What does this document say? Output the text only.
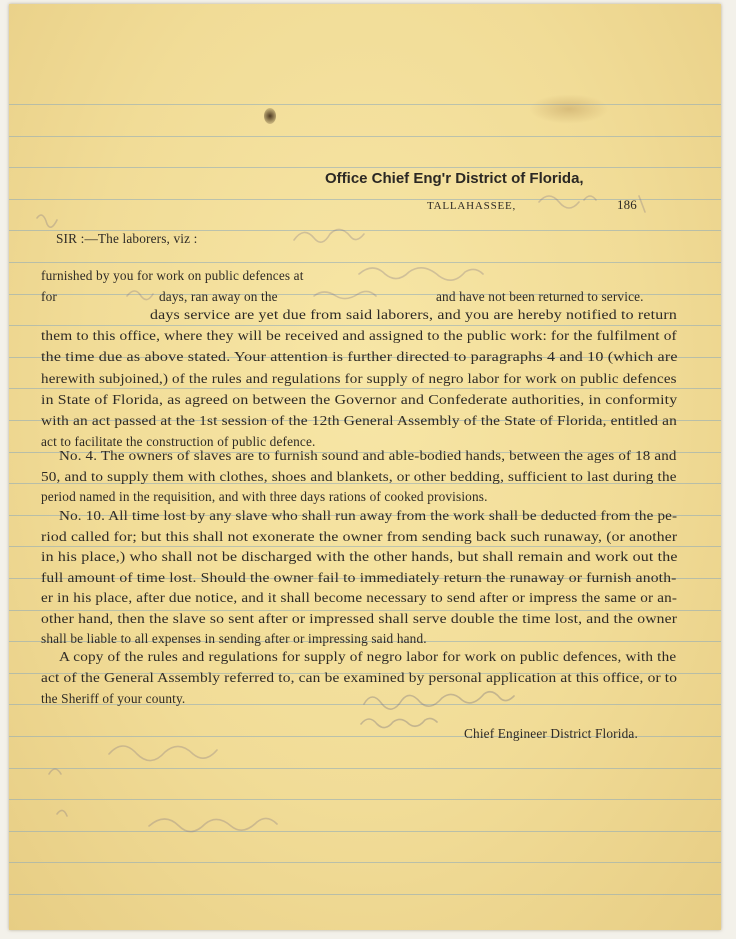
Office Chief Eng'r District of Florida,
TALLAHASSEE,	186
SIR :—The laborers, viz :
furnished by you for work on public defences at
for	days, ran away on the	and have not been returned to service.
days service are yet due from said laborers, and you are hereby notified to return
them to this office, where they will be received and assigned to the public work: for the fulfilment of
the time due as above stated. Your attention is further directed to paragraphs 4 and 10 (which are
herewith subjoined,) of the rules and regulations for supply of negro labor for work on public defences
in State of Florida, as agreed on between the Governor and Confederate authorities, in conformity
with an act passed at the 1st session of the 12th General Assembly of the State of Florida, entitled an
act to facilitate the construction of public defence.
No. 4. The owners of slaves are to furnish sound and able-bodied hands, between the ages of 18 and
50, and to supply them with clothes, shoes and blankets, or other bedding, sufficient to last during the
period named in the requisition, and with three days rations of cooked provisions.
No. 10. All time lost by any slave who shall run away from the work shall be deducted from the pe-
riod called for; but this shall not exonerate the owner from sending back such runaway, (or another
in his place,) who shall not be discharged with the other hands, but shall remain and work out the
full amount of time lost. Should the owner fail to immediately return the runaway or furnish anoth-
er in his place, after due notice, and it shall become necessary to send after or impress the same or an-
other hand, then the slave so sent after or impressed shall serve double the time lost, and the owner
shall be liable to all expenses in sending after or impressing said hand.
A copy of the rules and regulations for supply of negro labor for work on public defences, with the
act of the General Assembly referred to, can be examined by personal application at this office, or to
the Sheriff of your county.
Chief Engineer District Florida.
